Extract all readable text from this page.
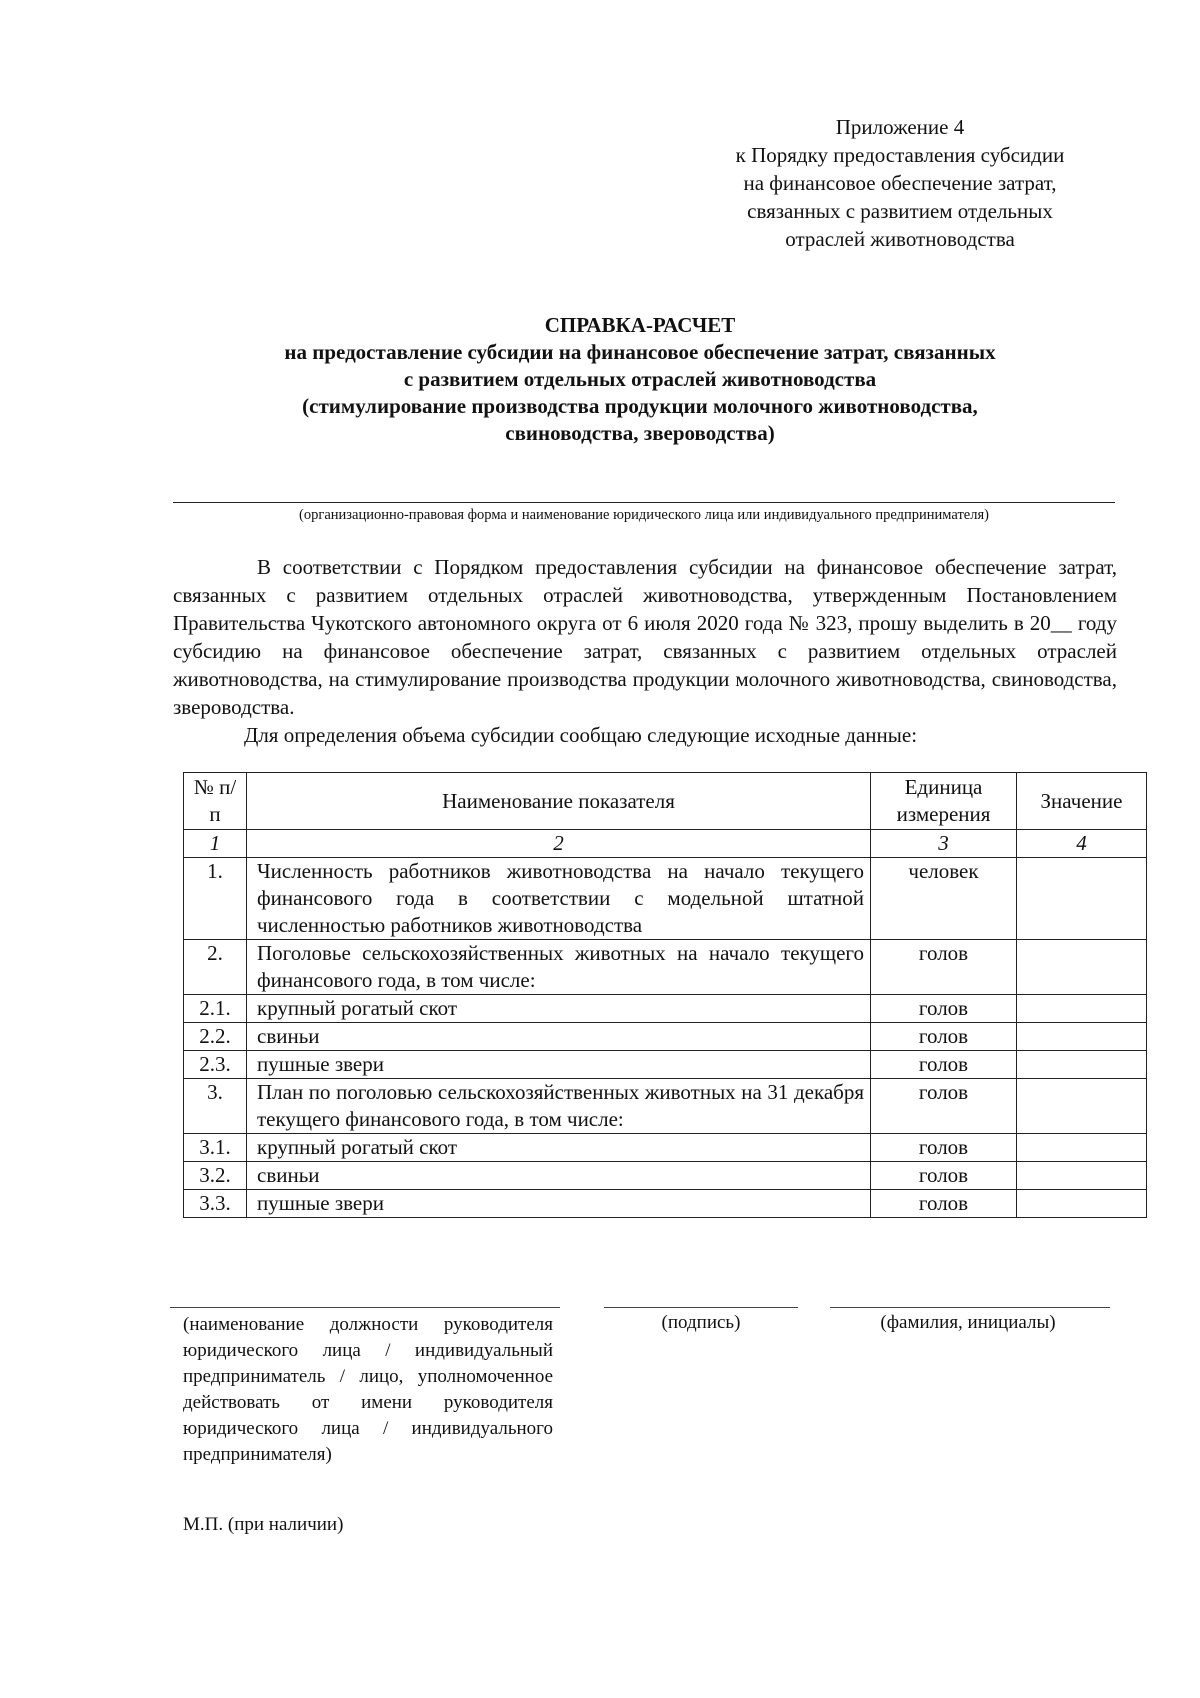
Приложение 4
к Порядку предоставления субсидии
на финансовое обеспечение затрат,
связанных с развитием отдельных
отраслей животноводства
СПРАВКА-РАСЧЕТ
на предоставление субсидии на финансовое обеспечение затрат, связанных
с развитием отдельных отраслей животноводства
(стимулирование производства продукции молочного животноводства,
свиноводства, звероводства)
(организационно-правовая форма и наименование юридического лица или индивидуального предпринимателя)

В соответствии с Порядком предоставления субсидии на финансовое обеспечение затрат, связанных с развитием отдельных отраслей животноводства, утвержденным Постановлением Правительства Чукотского автономного округа от 6 июля 2020 года № 323, прошу выделить в 20__ году субсидию на финансовое обеспечение затрат, связанных с развитием отдельных отраслей животноводства, на стимулирование производства продукции молочного животноводства, свиноводства, звероводства.

Для определения объема субсидии сообщаю следующие исходные данные:
№ п/п	Наименование показателя	Единица измерения	Значение
1	2	3	4
1.	Численность работников животноводства на начало текущего финансового года в соответствии с модельной штатной численностью работников животноводства	человек	
2.	Поголовье сельскохозяйственных животных на начало текущего финансового года, в том числе:	голов	
2.1.	крупный рогатый скот	голов	
2.2.	свиньи	голов	
2.3.	пушные звери	голов	
3.	План по поголовью сельскохозяйственных животных на 31 декабря текущего финансового года, в том числе:	голов	
3.1.	крупный рогатый скот	голов	
3.2.	свиньи	голов	
3.3.	пушные звери	голов	
(наименование должности руководителя юридического лица / индивидуальный предприниматель / лицо, уполномоченное действовать от имени руководителя юридического лица / индивидуального предпринимателя)
(подпись)	(фамилия, инициалы)
М.П. (при наличии)
